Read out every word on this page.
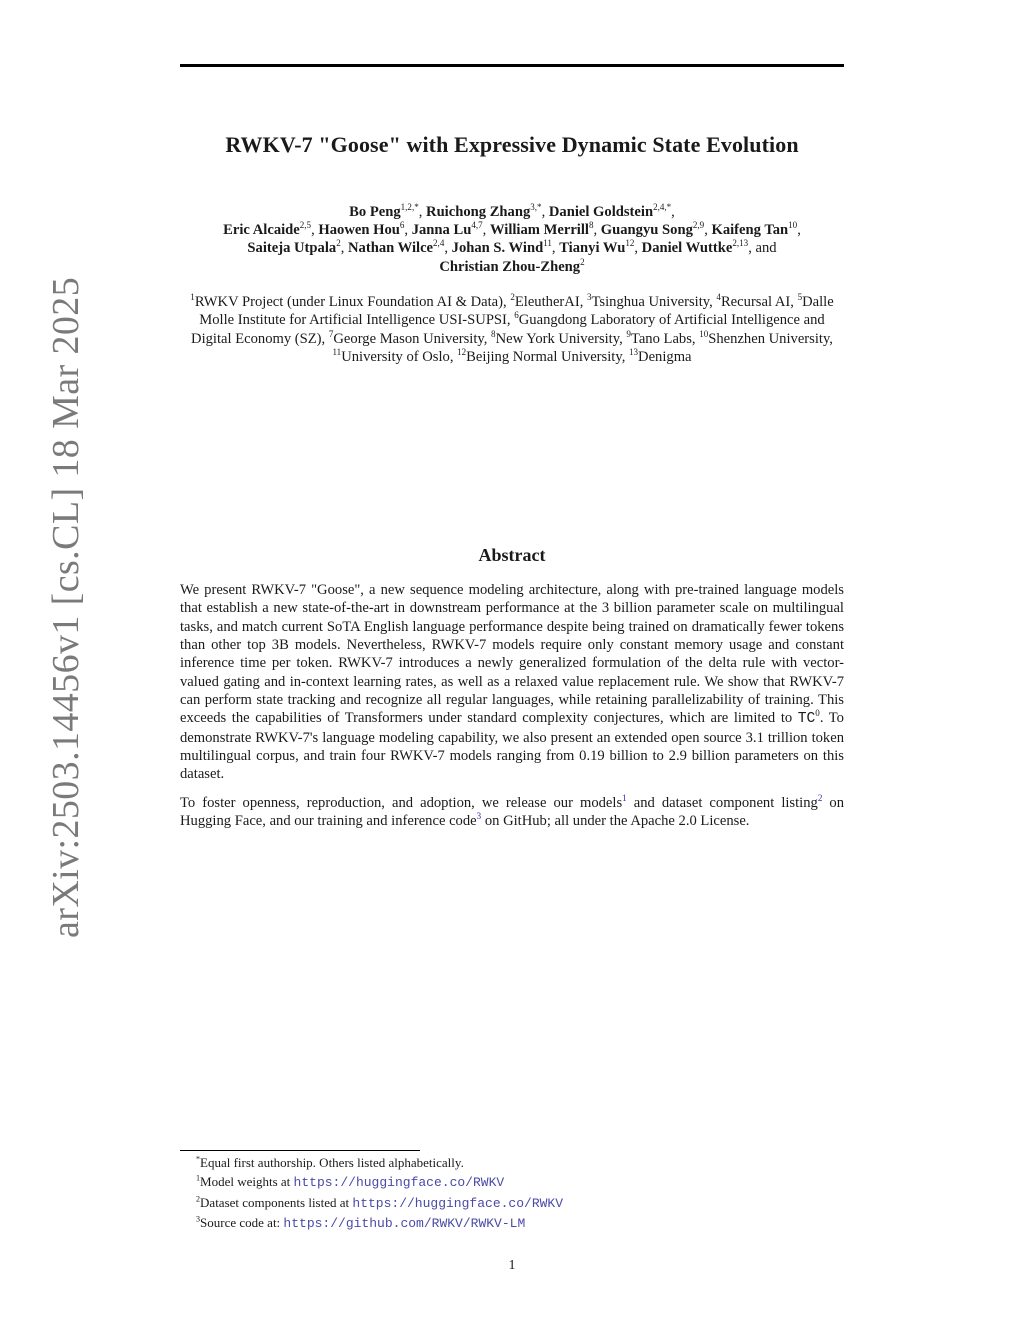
arXiv:2503.14456v1 [cs.CL] 18 Mar 2025
RWKV-7 "Goose" with Expressive Dynamic State Evolution
Bo Peng$^{1,2,*}$, Ruichong Zhang$^{3,*}$, Daniel Goldstein$^{2,4,*}$,
Eric Alcaide$^{2,5}$, Haowen Hou$^6$, Janna Lu$^{4,7}$, William Merrill$^8$, Guangyu Song$^{2,9}$, Kaifeng Tan$^{10}$,
Saiteja Utpala$^2$, Nathan Wilce$^{2,4}$, Johan S. Wind$^{11}$, Tianyi Wu$^{12}$, Daniel Wuttke$^{2,13}$, and
Christian Zhou-Zheng$^2$
$^1$RWKV Project (under Linux Foundation AI & Data), $^2$EleutherAI, $^3$Tsinghua University, $^4$Recursal AI, $^5$Dalle Molle Institute for Artificial Intelligence USI-SUPSI, $^6$Guangdong Laboratory of Artificial Intelligence and Digital Economy (SZ), $^7$George Mason University, $^8$New York University, $^9$Tano Labs, $^{10}$Shenzhen University, $^{11}$University of Oslo, $^{12}$Beijing Normal University, $^{13}$Denigma
Abstract

We present RWKV-7 "Goose", a new sequence modeling architecture, along with pre-trained language models that establish a new state-of-the-art in downstream performance at the 3 billion parameter scale on multilingual tasks, and match current SoTA English language performance despite being trained on dramatically fewer tokens than other top 3B models. Nevertheless, RWKV-7 models require only constant memory usage and constant inference time per token. RWKV-7 introduces a newly generalized formulation of the delta rule with vector-valued gating and in-context learning rates, as well as a relaxed value replacement rule. We show that RWKV-7 can perform state tracking and recognize all regular languages, while retaining parallelizability of training. This exceeds the capabilities of Transformers under standard complexity conjectures, which are limited to $TC^0$. To demonstrate RWKV-7's language modeling capability, we also present an extended open source 3.1 trillion token multilingual corpus, and train four RWKV-7 models ranging from 0.19 billion to 2.9 billion parameters on this dataset.

To foster openness, reproduction, and adoption, we release our models$^1$ and dataset component listing$^2$ on Hugging Face, and our training and inference code$^3$ on GitHub; all under the Apache 2.0 License.

*Equal first authorship. Others listed alphabetically.
$^1$Model weights at https://huggingface.co/RWKV
$^2$Dataset components listed at https://huggingface.co/RWKV
$^3$Source code at: https://github.com/RWKV/RWKV-LM
1
